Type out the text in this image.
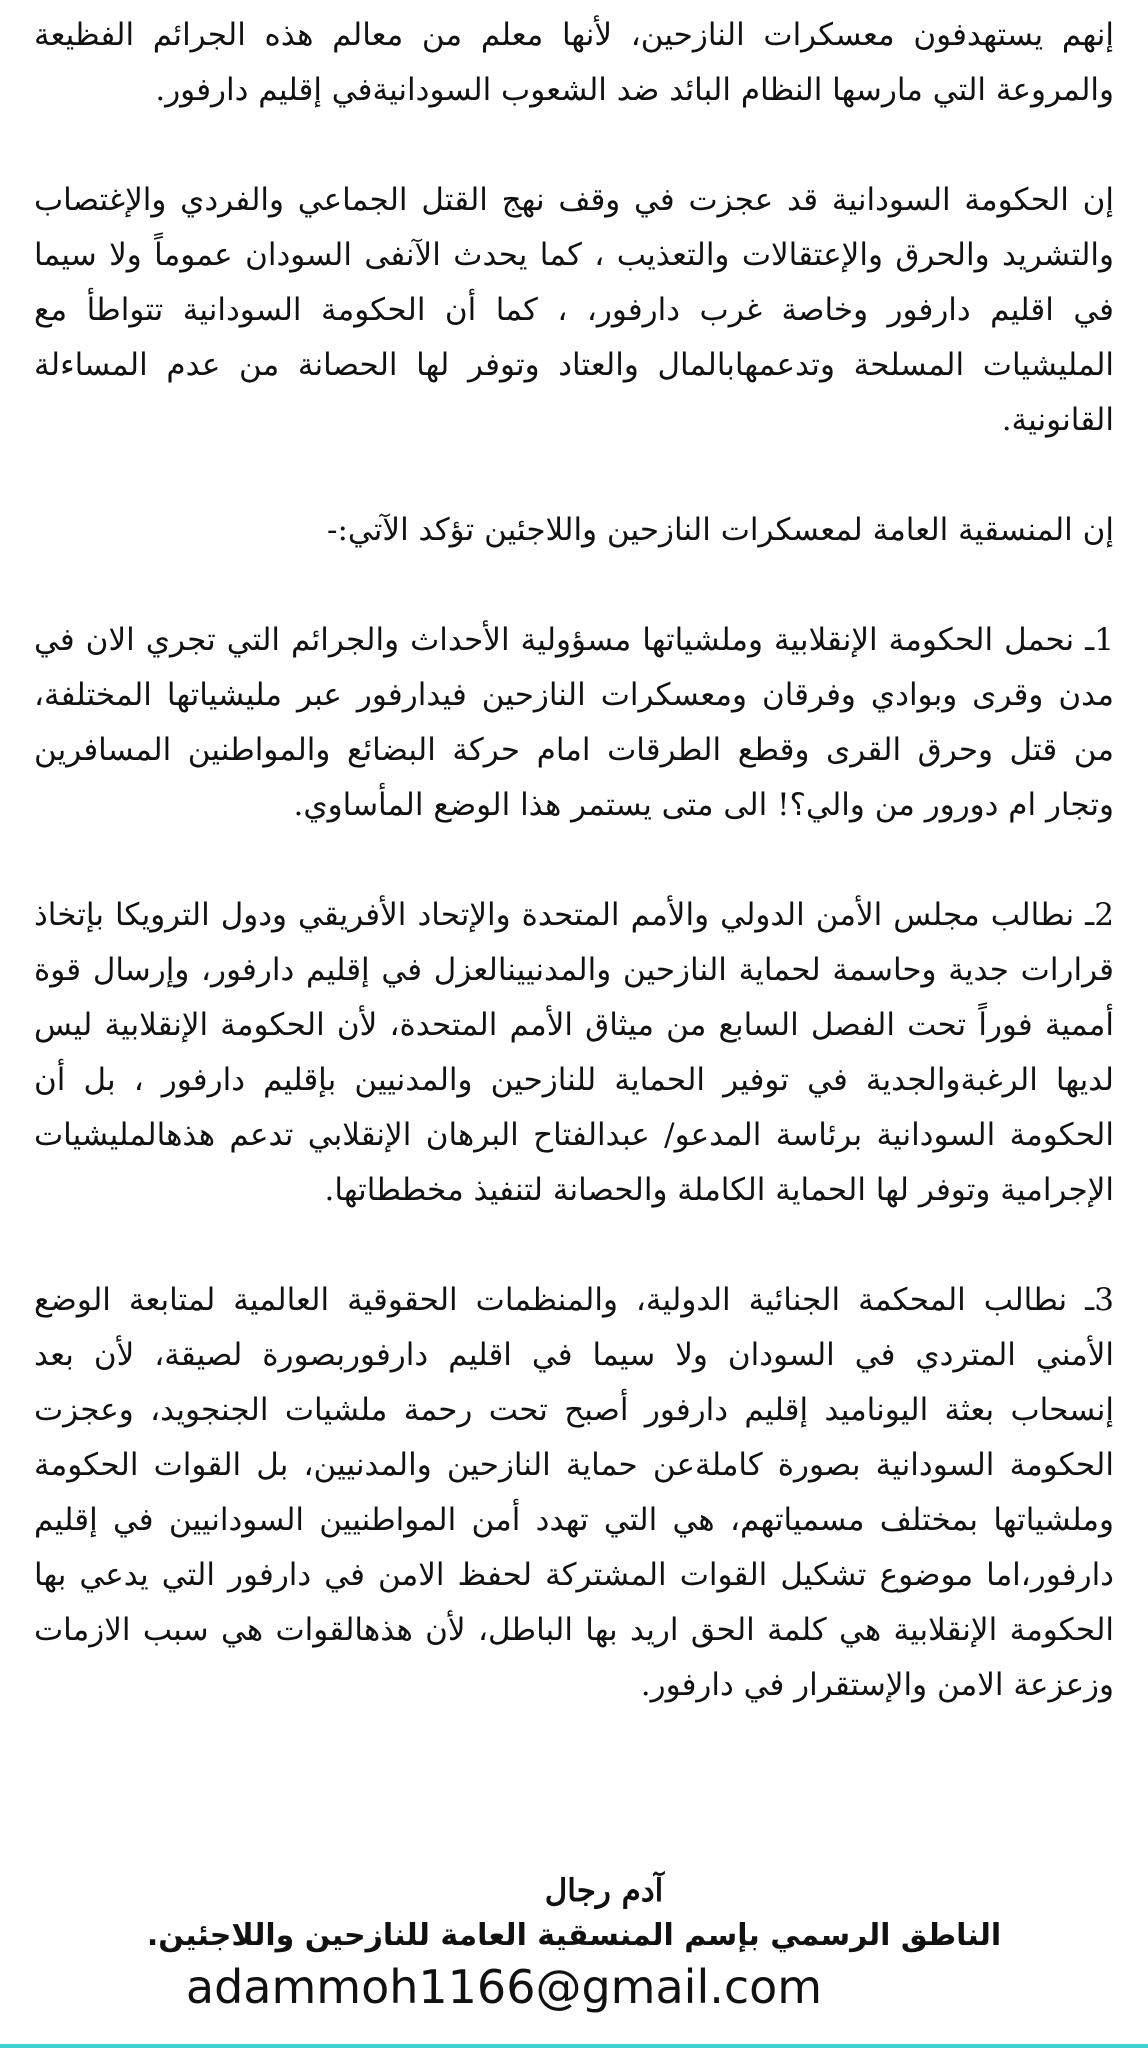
إنهم يستهدفون معسكرات النازحين، لأنها معلم من معالم هذه الجرائم الفظيعة والمروعة التي مارسها النظام البائد ضد الشعوب السودانيةفي إقليم دارفور.

إن الحكومة السودانية قد عجزت في وقف نهج القتل الجماعي والفردي والإغتصاب والتشريد والحرق والإعتقالات والتعذيب ، كما يحدث الآنفى السودان عموماً ولا سيما في اقليم دارفور وخاصة غرب دارفور، ، كما أن الحكومة السودانية تتواطأ مع المليشيات المسلحة وتدعمهابالمال والعتاد وتوفر لها الحصانة من عدم المساءلة القانونية.

إن المنسقية العامة لمعسكرات النازحين واللاجئين تؤكد الآتي:-

1ـ نحمل الحكومة الإنقلابية وملشياتها مسؤولية الأحداث والجرائم التي تجري الان في مدن وقرى وبوادي وفرقان ومعسكرات النازحين فيدارفور عبر مليشياتها المختلفة، من قتل وحرق القرى وقطع الطرقات امام حركة البضائع والمواطنين المسافرين وتجار ام دورور من والي؟! الى متى يستمر هذا الوضع المأساوي.

2ـ نطالب مجلس الأمن الدولي والأمم المتحدة والإتحاد الأفريقي ودول الترويكا بإتخاذ قرارات جدية وحاسمة لحماية النازحين والمدنيينالعزل في إقليم دارفور، وإرسال قوة أممية فوراً تحت الفصل السابع من ميثاق الأمم المتحدة، لأن الحكومة الإنقلابية ليس لديها الرغبةوالجدية في توفير الحماية للنازحين والمدنيين بإقليم دارفور ، بل أن الحكومة السودانية برئاسة المدعو/ عبدالفتاح البرهان الإنقلابي تدعم هذهالمليشيات الإجرامية وتوفر لها الحماية الكاملة والحصانة لتنفيذ مخططاتها.

3ـ نطالب المحكمة الجنائية الدولية، والمنظمات الحقوقية العالمية لمتابعة الوضع الأمني المتردي في السودان ولا سيما في اقليم دارفوربصورة لصيقة، لأن بعد إنسحاب بعثة اليوناميد إقليم دارفور أصبح تحت رحمة ملشيات الجنجويد، وعجزت الحكومة السودانية بصورة كاملةعن حماية النازحين والمدنيين، بل القوات الحكومة وملشياتها بمختلف مسمياتهم، هي التي تهدد أمن المواطنيين السودانيين في إقليم دارفور،اما موضوع تشكيل القوات المشتركة لحفظ الامن في دارفور التي يدعي بها الحكومة الإنقلابية هي كلمة الحق اريد بها الباطل، لأن هذهالقوات هي سبب الازمات وزعزعة الامن والإستقرار في دارفور.

آدم رجال
الناطق الرسمي بإسم المنسقية العامة للنازحين واللاجئين.
adammoh1166@gmail.com
